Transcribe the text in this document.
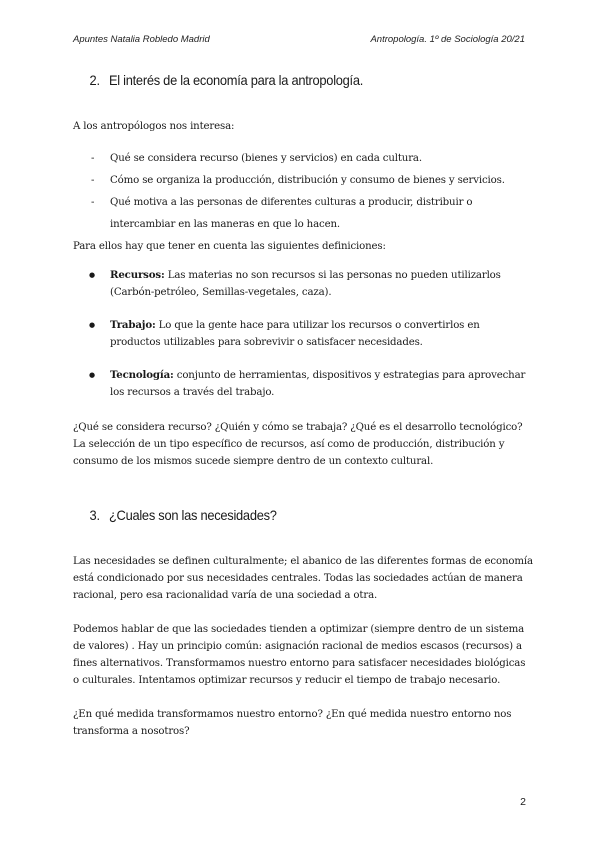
Apuntes Natalia Robledo Madrid	Antropología. 1º de Sociología 20/21
2. El interés de la economía para la antropología.

A los antropólogos nos interesa:

- Qué se considera recurso (bienes y servicios) en cada cultura.
- Cómo se organiza la producción, distribución y consumo de bienes y servicios.
- Qué motiva a las personas de diferentes culturas a producir, distribuir o intercambiar en las maneras en que lo hacen.

Para ellos hay que tener en cuenta las siguientes definiciones:

● Recursos: Las materias no son recursos si las personas no pueden utilizarlos (Carbón-petróleo, Semillas-vegetales, caza).
● Trabajo: Lo que la gente hace para utilizar los recursos o convertirlos en productos utilizables para sobrevivir o satisfacer necesidades.
● Tecnología: conjunto de herramientas, dispositivos y estrategias para aprovechar los recursos a través del trabajo.

¿Qué se considera recurso? ¿Quién y cómo se trabaja? ¿Qué es el desarrollo tecnológico? La selección de un tipo específico de recursos, así como de producción, distribución y consumo de los mismos sucede siempre dentro de un contexto cultural.

3. ¿Cuales son las necesidades?

Las necesidades se definen culturalmente; el abanico de las diferentes formas de economía está condicionado por sus necesidades centrales. Todas las sociedades actúan de manera racional, pero esa racionalidad varía de una sociedad a otra.

Podemos hablar de que las sociedades tienden a optimizar (siempre dentro de un sistema de valores) . Hay un principio común: asignación racional de medios escasos (recursos) a fines alternativos. Transformamos nuestro entorno para satisfacer necesidades biológicas o culturales. Intentamos optimizar recursos y reducir el tiempo de trabajo necesario.

¿En qué medida transformamos nuestro entorno? ¿En qué medida nuestro entorno nos transforma a nosotros?

2
